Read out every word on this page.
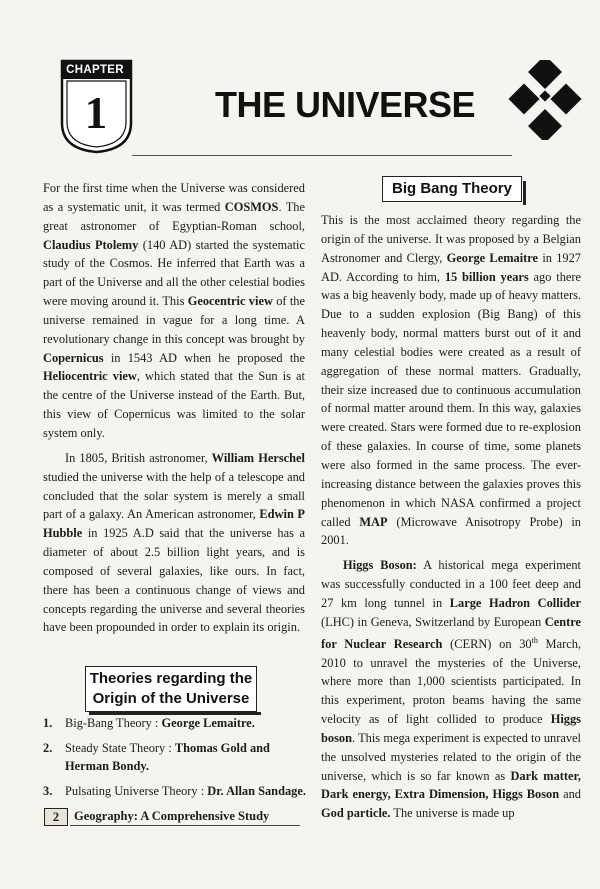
CHAPTER
1	THE UNIVERSE

For the first time when the Universe was considered as a systematic unit, it was termed COSMOS. The great astronomer of Egyptian-Roman school, Claudius Ptolemy (140 AD) started the systematic study of the Cosmos. He inferred that Earth was a part of the Universe and all the other celestial bodies were moving around it. This Geocentric view of the universe remained in vague for a long time. A revolutionary change in this concept was brought by Copernicus in 1543 AD when he proposed the Heliocentric view, which stated that the Sun is at the centre of the Universe instead of the Earth. But, this view of Copernicus was limited to the solar system only.

In 1805, British astronomer, William Herschel studied the universe with the help of a telescope and concluded that the solar system is merely a small part of a galaxy. An American astronomer, Edwin P Hubble in 1925 A.D said that the universe has a diameter of about 2.5 billion light years, and is composed of several galaxies, like ours. In fact, there has been a continuous change of views and concepts regarding the universe and several theories have been propounded in order to explain its origin.

Theories regarding the
Origin of the Universe
1. Big-Bang Theory : George Lemaitre.
2. Steady State Theory : Thomas Gold and Herman Bondy.
3. Pulsating Universe Theory : Dr. Allan Sandage.
Big Bang Theory

This is the most acclaimed theory regarding the origin of the universe. It was proposed by a Belgian Astronomer and Clergy, George Lemaitre in 1927 AD. According to him, 15 billion years ago there was a big heavenly body, made up of heavy matters. Due to a sudden explosion (Big Bang) of this heavenly body, normal matters burst out of it and many celestial bodies were created as a result of aggregation of these normal matters. Gradually, their size increased due to continuous accumulation of normal matter around them. In this way, galaxies were created. Stars were formed due to re-explosion of these galaxies. In course of time, some planets were also formed in the same process. The ever-increasing distance between the galaxies proves this phenomenon in which NASA confirmed a project called MAP (Microwave Anisotropy Probe) in 2001.

Higgs Boson: A historical mega experiment was successfully conducted in a 100 feet deep and 27 km long tunnel in Large Hadron Collider (LHC) in Geneva, Switzerland by European Centre for Nuclear Research (CERN) on 30th March, 2010 to unravel the mysteries of the Universe, where more than 1,000 scientists participated. In this experiment, proton beams having the same velocity as of light collided to produce Higgs boson. This mega experiment is expected to unravel the unsolved mysteries related to the origin of the universe, which is so far known as Dark matter, Dark energy, Extra Dimension, Higgs Boson and God particle. The universe is made up

2	Geography: A Comprehensive Study
